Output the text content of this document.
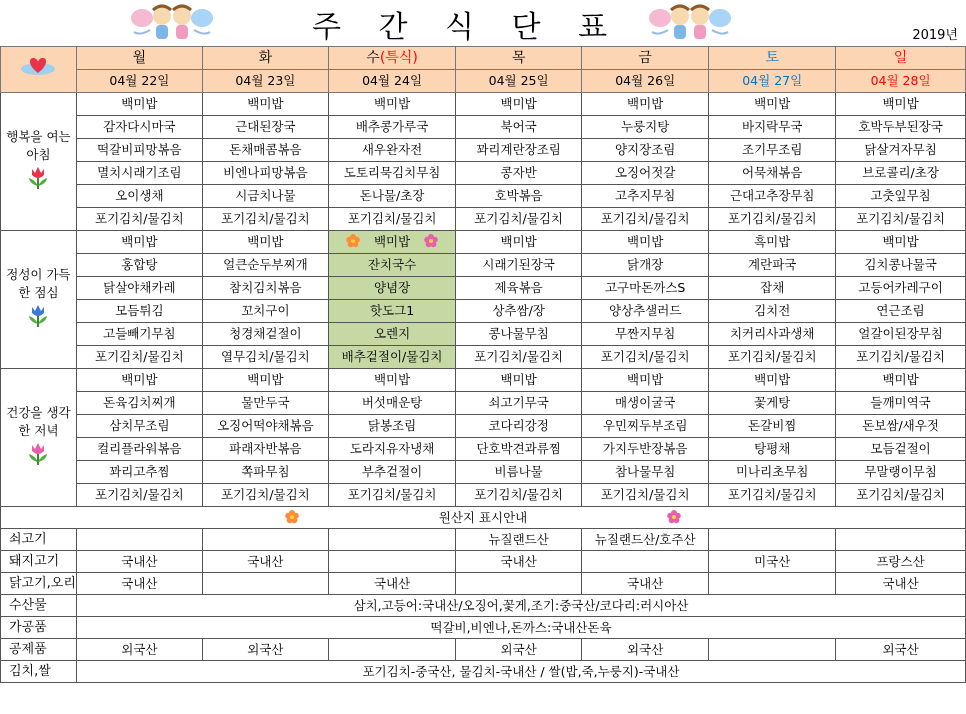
주 간 식 단 표	2019년
	월	화	수(특식)	목	금	토	일
	04월 22일	04월 23일	04월 24일	04월 25일	04월 26일	04월 27일	04월 28일

행복을 여는 아침	백미밥	백미밥	백미밥	백미밥	백미밥	백미밥	백미밥
	감자다시마국	근대된장국	배추콩가루국	북어국	누룽지탕	바지락무국	호박두부된장국
	떡갈비피망볶음	돈채매콤볶음	새우완자전	꽈리계란장조림	양지장조림	조기무조림	닭살겨자무침
	멸치시래기조림	비엔나피망볶음	도토리묵김치무침	콩자반	오징어젓갈	어묵채볶음	브로콜리/초장
	오이생채	시금치나물	돈나물/초장	호박볶음	고추지무침	근대고추장무침	고춧잎무침
	포기김치/물김치	포기김치/물김치	포기김치/물김치	포기김치/물김치	포기김치/물김치	포기김치/물김치	포기김치/물김치

정성이 가득한 점심	백미밥	백미밥	백미밥	백미밥	백미밥	흑미밥	백미밥
	홍합탕	얼큰순두부찌개	잔치국수	시래기된장국	닭개장	계란파국	김치콩나물국
	닭살야채카레	참치김치볶음	양념장	제육볶음	고구마돈까스S	잡채	고등어카레구이
	모듬튀김	꼬치구이	핫도그1	상추쌈/장	양상추샐러드	김치전	연근조림
	고들빼기무침	청경채겉절이	오렌지	콩나물무침	무짠지무침	치커리사과생채	얼갈이된장무침
	포기김치/물김치	열무김치/물김치	배추겉절이/물김치	포기김치/물김치	포기김치/물김치	포기김치/물김치	포기김치/물김치

건강을 생각한 저녁	백미밥	백미밥	백미밥	백미밥	백미밥	백미밥	백미밥
	돈육김치찌개	물만두국	버섯매운탕	쇠고기무국	매생이굴국	꽃게탕	들깨미역국
	삼치무조림	오징어떡야채볶음	닭봉조림	코다리강정	우민찌두부조림	돈갈비찜	돈보쌈/새우젓
	컬리플라워볶음	파래자반볶음	도라지유자냉채	단호박견과류찜	가지두반장볶음	탕평채	모듬겉절이
	꽈리고추찜	쪽파무침	부추겉절이	비름나물	참나물무침	미나리초무침	무말랭이무침
	포기김치/물김치	포기김치/물김치	포기김치/물김치	포기김치/물김치	포기김치/물김치	포기김치/물김치	포기김치/물김치
원산지 표시안내							
쇠고기				뉴질랜드산	뉴질랜드산/호주산		
돼지고기	국내산	국내산		국내산		미국산	프랑스산
닭고기,오리	국내산		국내산		국내산		국내산
수산물	삼치,고등어:국내산/오징어,꽃게,조기:중국산/코다리:러시아산						
가공품	떡갈비,비엔나,돈까스:국내산돈육						
공제품	외국산	외국산		외국산	외국산		외국산
김치,쌀	포기김치-중국산, 물김치-국내산 / 쌀(밥,죽,누룽지)-국내산						
